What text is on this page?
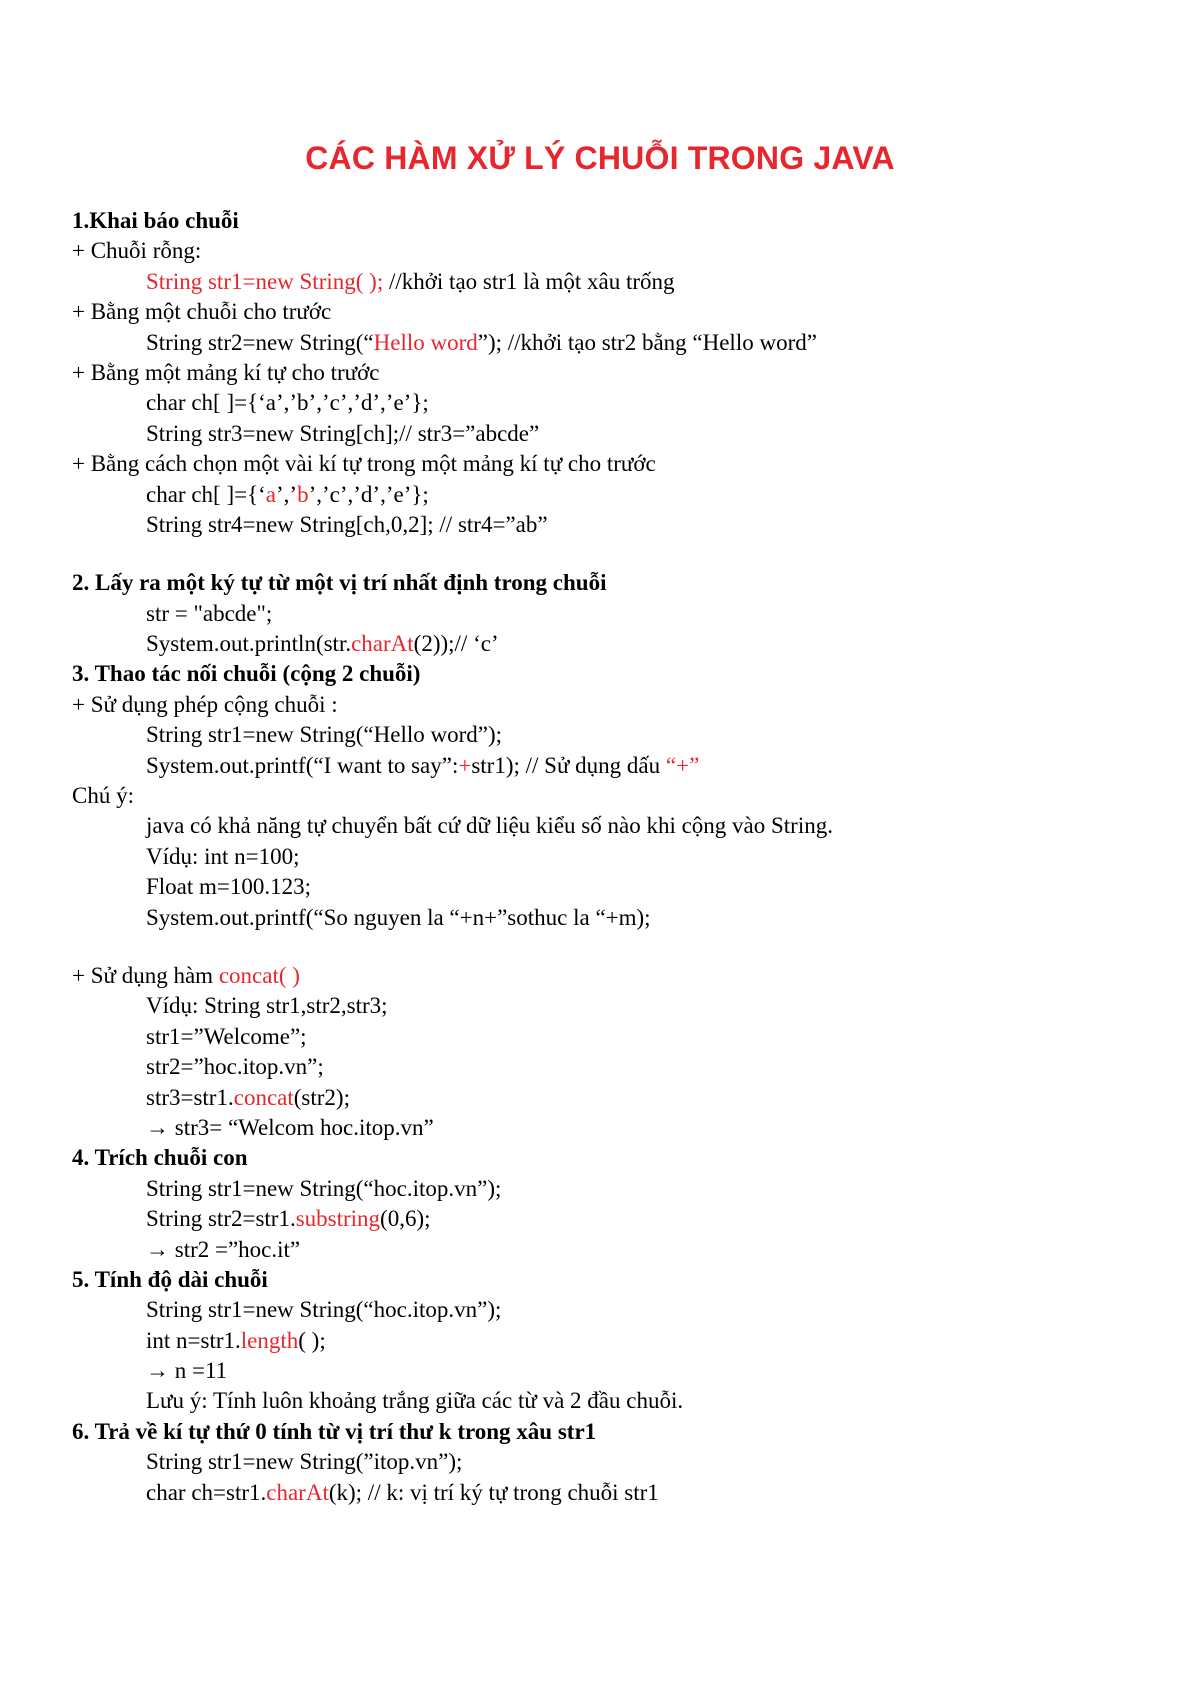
CÁC HÀM XỬ LÝ CHUỖI TRONG JAVA
1.Khai báo chuỗi
+ Chuỗi rỗng:
String str1=new String( ); //khởi tạo str1 là một xâu trống
+ Bằng một chuỗi cho trước
String str2=new String(“Hello word”); //khởi tạo str2 bằng “Hello word”
+ Bằng một mảng kí tự cho trước
char ch[ ]={‘a’,’b’,’c’,’d’,’e’};
String str3=new String[ch];// str3=”abcde”
+ Bằng cách chọn một vài kí tự trong một mảng kí tự cho trước
char ch[ ]={‘a’,’b’,’c’,’d’,’e’};
String str4=new String[ch,0,2]; // str4=”ab”
2. Lấy ra một ký tự từ một vị trí nhất định trong chuỗi
str = "abcde";
System.out.println(str.charAt(2));// ‘c’
3. Thao tác nối chuỗi (cộng 2 chuỗi)
+ Sử dụng phép cộng chuỗi :
String str1=new String(“Hello word”);
System.out.printf(“I want to say”:+str1); // Sử dụng dấu “+”
Chú ý:
java có khả năng tự chuyển bất cứ dữ liệu kiểu số nào khi cộng vào String.
Vídụ: int n=100;
Float m=100.123;
System.out.printf(“So nguyen la “+n+”sothuc la “+m);
+ Sử dụng hàm concat( )
Vídụ: String str1,str2,str3;
str1=”Welcome”;
str2=”hoc.itop.vn”;
str3=str1.concat(str2);
→ str3= “Welcom hoc.itop.vn”
4. Trích chuỗi con
String str1=new String(“hoc.itop.vn”);
String str2=str1.substring(0,6);
→ str2 =”hoc.it”
5. Tính độ dài chuỗi
String str1=new String(“hoc.itop.vn”);
int n=str1.length( );
→ n =11
Lưu ý: Tính luôn khoảng trắng giữa các từ và 2 đầu chuỗi.
6. Trả về kí tự thứ 0 tính từ vị trí thư k trong xâu str1
String str1=new String(”itop.vn”);
char ch=str1.charAt(k); // k: vị trí ký tự trong chuỗi str1
